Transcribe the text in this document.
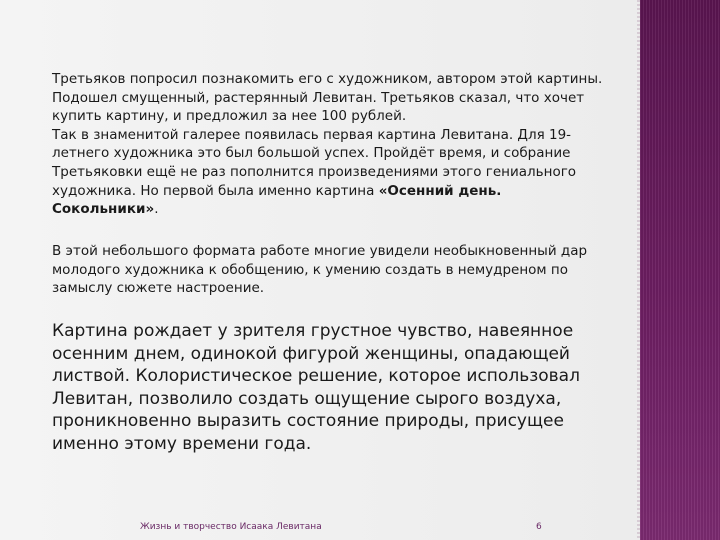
Третьяков попросил познакомить его с художником, автором этой картины. Подошел смущенный, растерянный Левитан. Третьяков сказал, что хочет купить картину, и предложил за нее 100 рублей.
Так в знаменитой галерее появилась первая картина Левитана. Для 19-летнего художника это был большой успех. Пройдёт время, и собрание Третьяковки ещё не раз пополнится произведениями этого гениального художника. Но первой была именно картина «Осенний день. Сокольники».
В этой небольшого формата работе многие увидели необыкновенный дар молодого художника к обобщению, к умению создать в немудреном по замыслу сюжете настроение.
Картина рождает у зрителя грустное чувство, навеянное осенним днем, одинокой фигурой женщины, опадающей листвой. Колористическое решение, которое использовал Левитан, позволило создать ощущение сырого воздуха, проникновенно выразить состояние природы, присущее именно этому времени года.
Жизнь и творчество Исаака Левитана	6
